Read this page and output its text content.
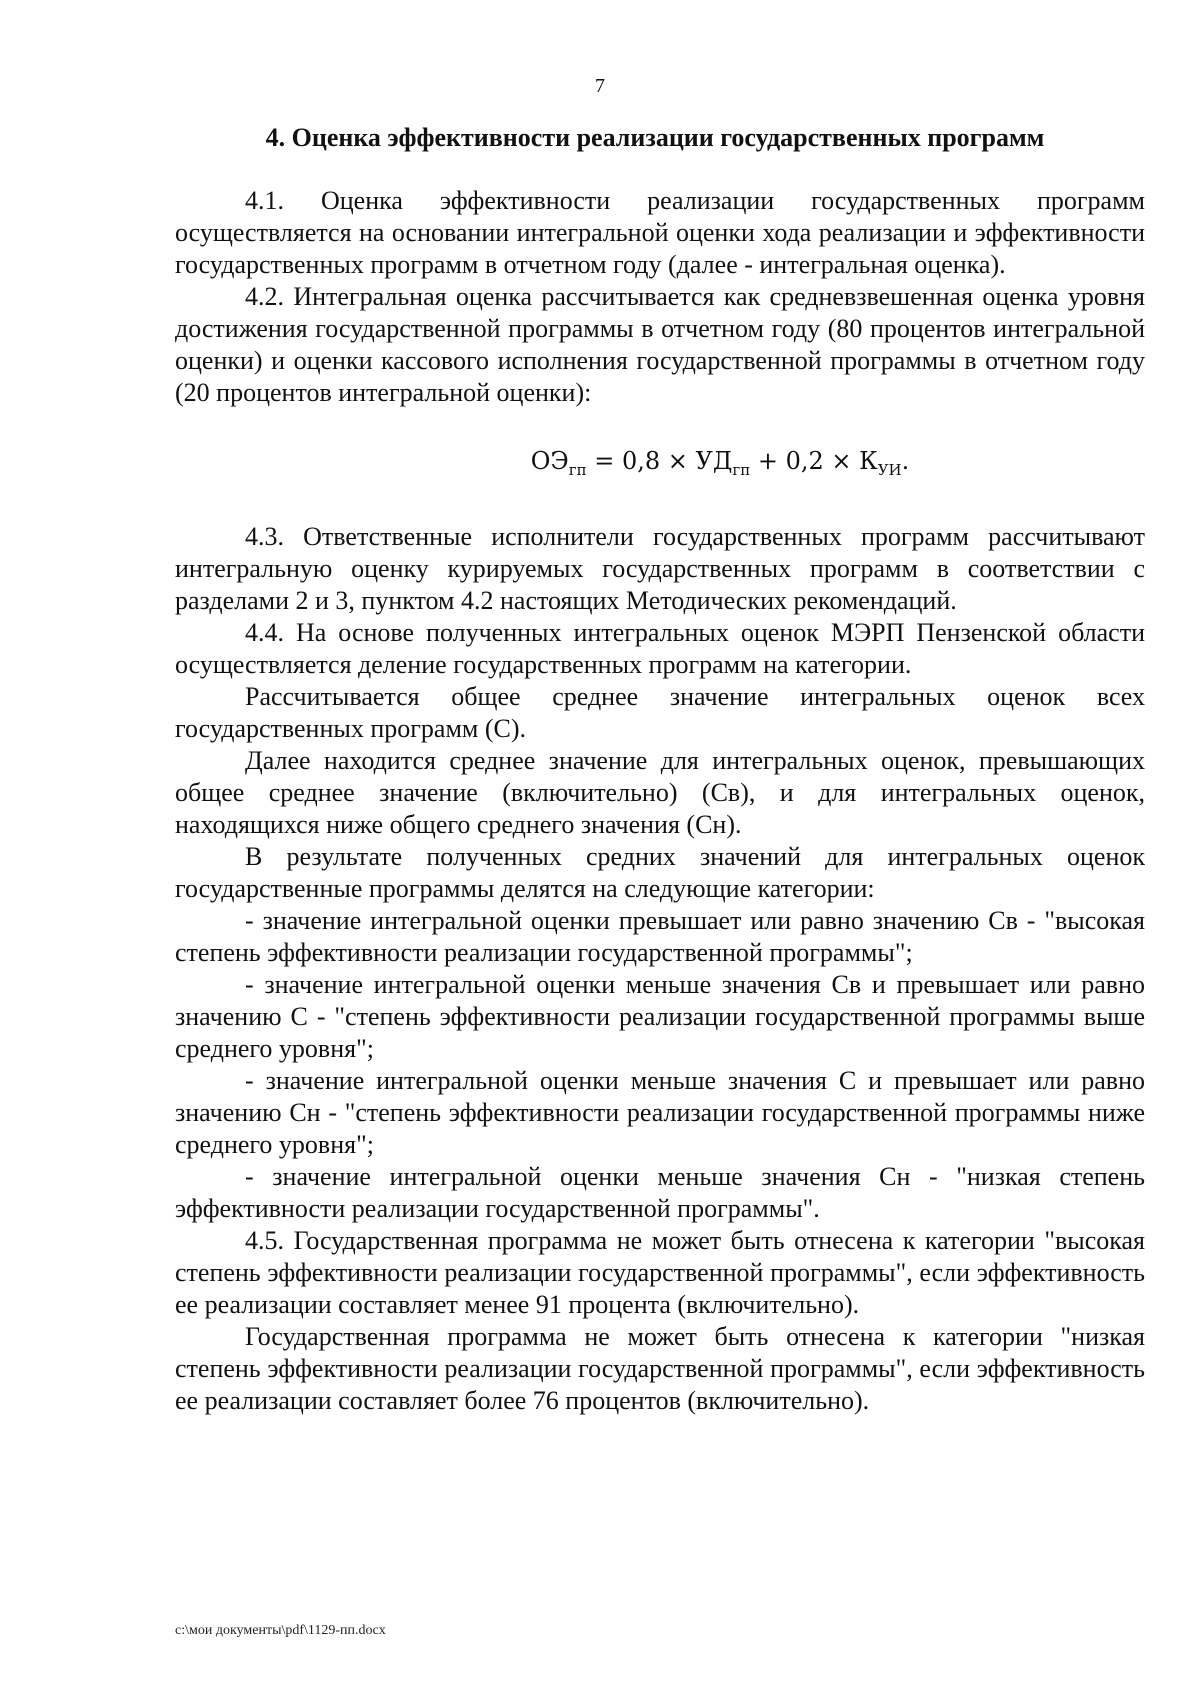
7
4. Оценка эффективности реализации государственных программ

4.1. Оценка эффективности реализации государственных программ осуществляется на основании интегральной оценки хода реализации и эффективности государственных программ в отчетном году (далее - интегральная оценка).

4.2. Интегральная оценка рассчитывается как средневзвешенная оценка уровня достижения государственной программы в отчетном году (80 процентов интегральной оценки) и оценки кассового исполнения государственной программы в отчетном году (20 процентов интегральной оценки):

$ОЭ_{гп} = 0,8 \times УД_{гп} + 0,2 \times К_{УИ}$.

4.3. Ответственные исполнители государственных программ рассчитывают интегральную оценку курируемых государственных программ в соответствии с разделами 2 и 3, пунктом 4.2 настоящих Методических рекомендаций.

4.4. На основе полученных интегральных оценок МЭРП Пензенской области осуществляется деление государственных программ на категории.

Рассчитывается общее среднее значение интегральных оценок всех государственных программ (С).

Далее находится среднее значение для интегральных оценок, превышающих общее среднее значение (включительно) (Св), и для интегральных оценок, находящихся ниже общего среднего значения (Сн).

В результате полученных средних значений для интегральных оценок государственные программы делятся на следующие категории:

- значение интегральной оценки превышает или равно значению Св - "высокая степень эффективности реализации государственной программы";

- значение интегральной оценки меньше значения Св и превышает или равно значению С - "степень эффективности реализации государственной программы выше среднего уровня";

- значение интегральной оценки меньше значения С и превышает или равно значению Сн - "степень эффективности реализации государственной программы ниже среднего уровня";

- значение интегральной оценки меньше значения Сн - "низкая степень эффективности реализации государственной программы".

4.5. Государственная программа не может быть отнесена к категории "высокая степень эффективности реализации государственной программы", если эффективность ее реализации составляет менее 91 процента (включительно).

Государственная программа не может быть отнесена к категории "низкая степень эффективности реализации государственной программы", если эффективность ее реализации составляет более 76 процентов (включительно).

c:\мои документы\pdf\1129-пп.docx
